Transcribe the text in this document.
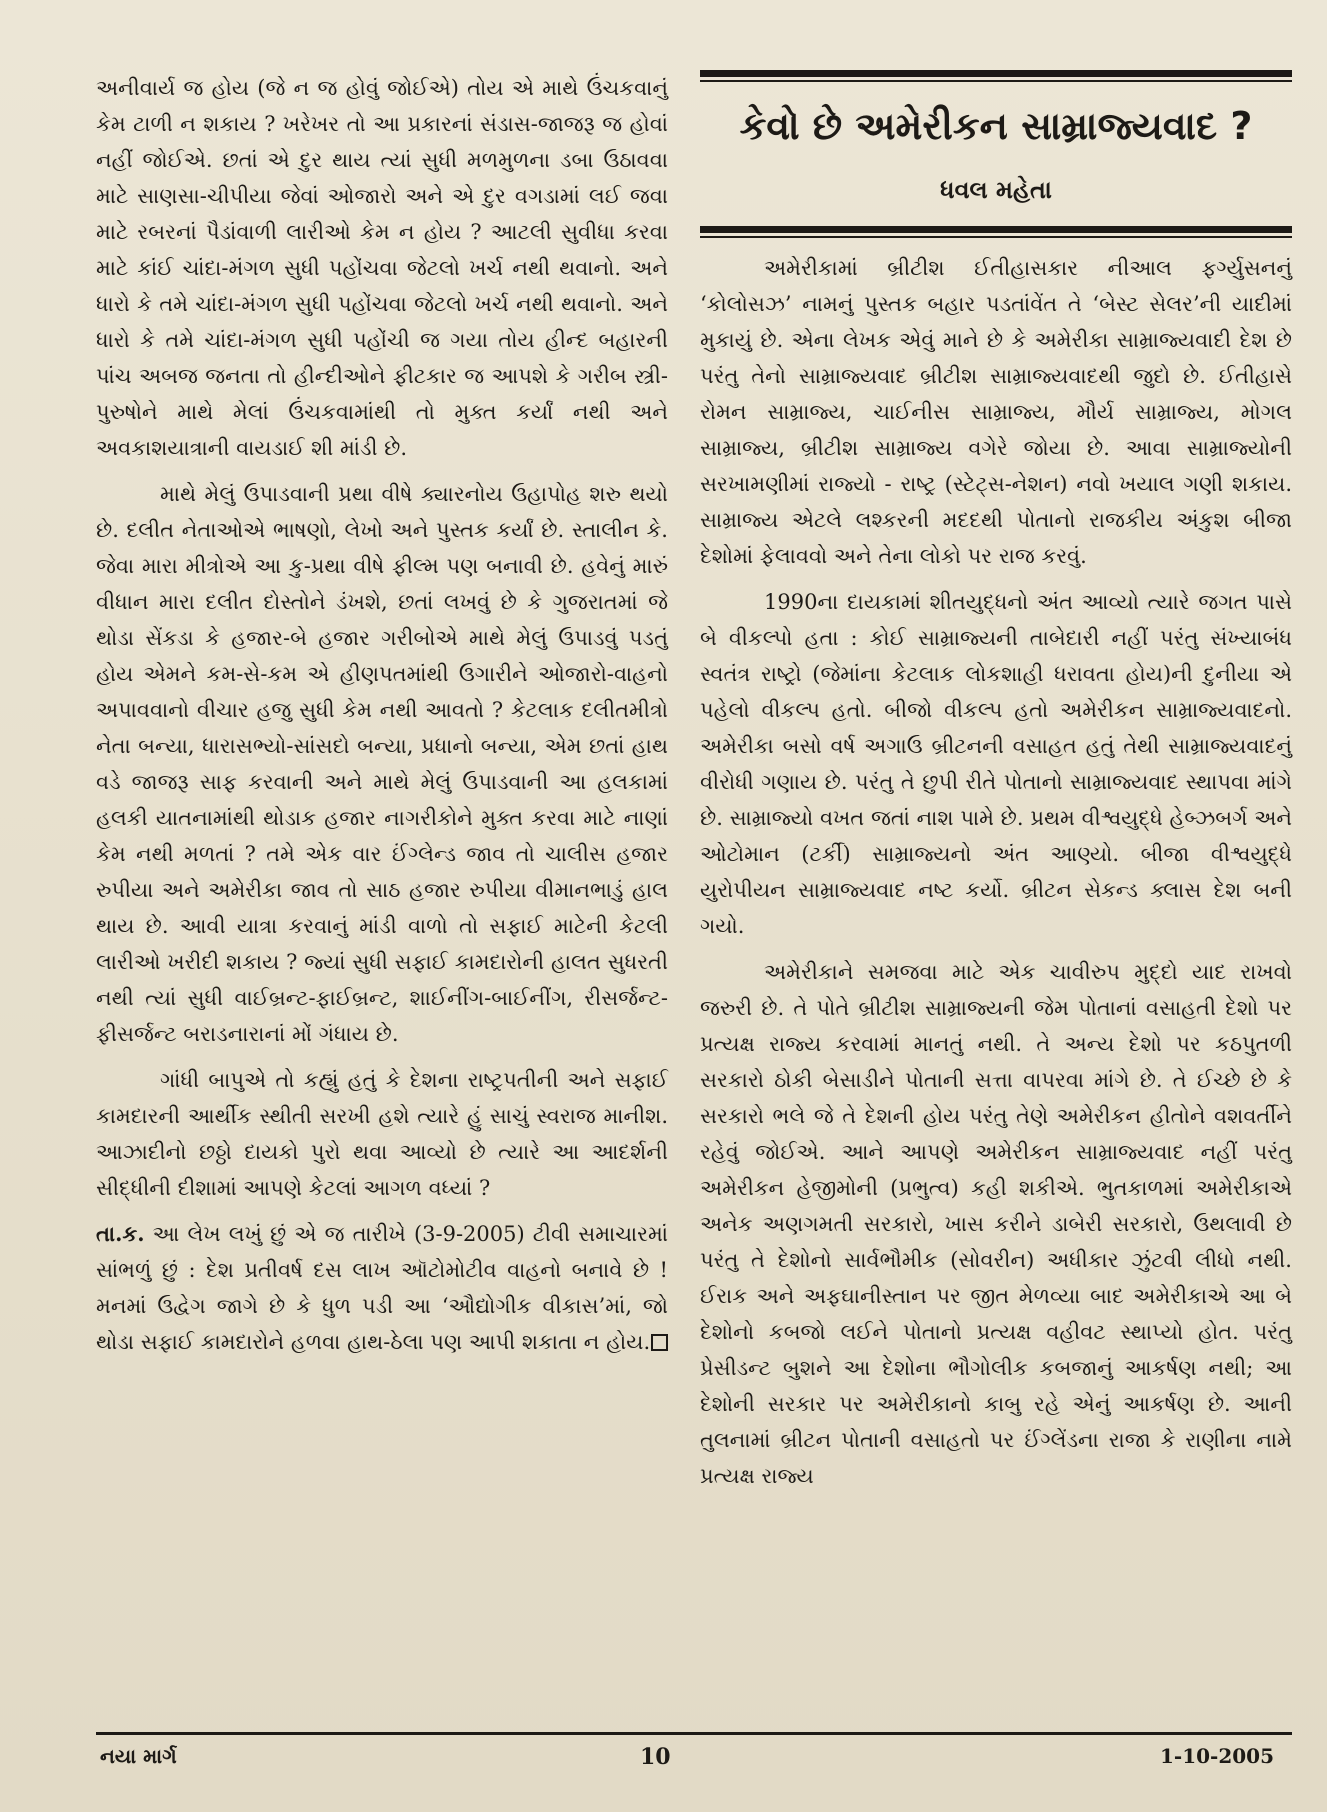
અનીવાર્ય જ હોય (જે ન જ હોવું જોઈએ) તોય એ માથે ઉંચકવાનું કેમ ટાળી ન શકાય ? ખરેખર તો આ પ્રકારનાં સંડાસ-જાજરૂ જ હોવાં નહીં જોઈએ. છતાં એ દુર થાય ત્યાં સુધી મળમુળના ડબા ઉઠાવવા માટે સાણસા-ચીપીયા જેવાં ઓજારો અને એ દુર વગડામાં લઈ જવા માટે રબરનાં પૈડાંવાળી લારીઓ કેમ ન હોય ? આટલી સુવીધા કરવા માટે કાંઈ ચાંદા-મંગળ સુધી પહોંચવા જેટલો ખર્ચ નથી થવાનો. અને ધારો કે તમે ચાંદા-મંગળ સુધી પહોંચવા જેટલો ખર્ચ નથી થવાનો. અને ધારો કે તમે ચાંદા-મંગળ સુધી પહોંચી જ ગયા તોય હીન્દ બહારની પાંચ અબજ જનતા તો હીન્દીઓને ફીટકાર જ આપશે કે ગરીબ સ્ત્રી-પુરુષોને માથે મેલાં ઉંચકવામાંથી તો મુક્ત કર્યાં નથી અને અવકાશયાત્રાની વાયડાઈ શી માંડી છે.

માથે મેલું ઉપાડવાની પ્રથા વીષે ક્યારનોય ઉહાપોહ શરુ થયો છે. દલીત નેતાઓએ ભાષણો, લેખો અને પુસ્તક કર્યાં છે. સ્તાલીન કે. જેવા મારા મીત્રોએ આ કુ-પ્રથા વીષે ફીલ્મ પણ બનાવી છે. હવેનું મારું વીધાન મારા દલીત દોસ્તોને ડંખશે, છતાં લખવું છે કે ગુજરાતમાં જે થોડા સેંકડા કે હજાર-બે હજાર ગરીબોએ માથે મેલું ઉપાડવું પડતું હોય એમને કમ-સે-કમ એ હીણપતમાંથી ઉગારીને ઓજારો-વાહનો અપાવવાનો વીચાર હજુ સુધી કેમ નથી આવતો ? કેટલાક દલીતમીત્રો નેતા બન્યા, ધારાસભ્યો-સાંસદો બન્યા, પ્રધાનો બન્યા, એમ છતાં હાથ વડે જાજરૂ સાફ કરવાની અને માથે મેલું ઉપાડવાની આ હલકામાં હલકી યાતનામાંથી થોડાક હજાર નાગરીકોને મુક્ત કરવા માટે નાણાં કેમ નથી મળતાં ? તમે એક વાર ઈંગ્લેન્ડ જાવ તો ચાલીસ હજાર રુપીયા અને અમેરીકા જાવ તો સાઠ હજાર રુપીયા વીમાનભાડું હાલ થાય છે. આવી યાત્રા કરવાનું માંડી વાળો તો સફાઈ માટેની કેટલી લારીઓ ખરીદી શકાય ? જ્યાં સુધી સફાઈ કામદારોની હાલત સુધરતી નથી ત્યાં સુધી વાઈબ્રન્ટ-ફાઈબ્રન્ટ, શાઈનીંગ-બાઈનીંગ, રીસર્જન્ટ-ફીસર્જન્ટ બરાડનારાનાં મોં ગંધાય છે.

ગાંધી બાપુએ તો કહ્યું હતું કે દેશના રાષ્ટ્રપતીની અને સફાઈ કામદારની આર્થીક સ્થીતી સરખી હશે ત્યારે હું સાચું સ્વરાજ માનીશ. આઝાદીનો છઠ્ઠો દાયકો પુરો થવા આવ્યો છે ત્યારે આ આદર્શની સીદ્ધીની દીશામાં આપણે કેટલાં આગળ વધ્યાં ?

તા.ક. આ લેખ લખું છું એ જ તારીખે (3-9-2005) ટીવી સમાચારમાં સાંભળું છું : દેશ પ્રતીવર્ષ દસ લાખ ઑટોમોટીવ વાહનો બનાવે છે ! મનમાં ઉદ્વેગ જાગે છે કે ધુળ પડી આ ‘ઔદ્યોગીક વીકાસ’માં, જો થોડા સફાઈ કામદારોને હળવા હાથ-ઠેલા પણ આપી શકાતા ન હોય.

કેવો છે અમેરીકન સામ્રાજ્યવાદ ?
ધવલ મહેતા

અમેરીકામાં બ્રીટીશ ઈતીહાસકાર નીઆલ ફર્ગ્યુસનનું ‘કોલોસઝ’ નામનું પુસ્તક બહાર પડતાંવેંત તે ‘બેસ્ટ સેલર’ની યાદીમાં મુકાયું છે. એના લેખક એવું માને છે કે અમેરીકા સામ્રાજ્યવાદી દેશ છે પરંતુ તેનો સામ્રાજ્યવાદ બ્રીટીશ સામ્રાજ્યવાદથી જુદો છે. ઈતીહાસે રોમન સામ્રાજ્ય, ચાઈનીસ સામ્રાજ્ય, મૌર્ય સામ્રાજ્ય, મોગલ સામ્રાજ્ય, બ્રીટીશ સામ્રાજ્ય વગેરે જોયા છે. આવા સામ્રાજ્યોની સરખામણીમાં રાજ્યો - રાષ્ટ્ર (સ્ટેટ્સ-નેશન) નવો ખયાલ ગણી શકાય. સામ્રાજ્ય એટલે લશ્કરની મદદથી પોતાનો રાજકીય અંકુશ બીજા દેશોમાં ફેલાવવો અને તેના લોકો પર રાજ કરવું.

1990ના દાયકામાં શીતયુદ્ધનો અંત આવ્યો ત્યારે જગત પાસે બે વીકલ્પો હતા : કોઈ સામ્રાજ્યની તાબેદારી નહીં પરંતુ સંખ્યાબંધ સ્વતંત્ર રાષ્ટ્રો (જેમાંના કેટલાક લોકશાહી ધરાવતા હોય)ની દુનીયા એ પહેલો વીકલ્પ હતો. બીજો વીકલ્પ હતો અમેરીકન સામ્રાજ્યવાદનો. અમેરીકા બસો વર્ષ અગાઉ બ્રીટનની વસાહત હતું તેથી સામ્રાજ્યવાદનું વીરોધી ગણાય છે. પરંતુ તે છુપી રીતે પોતાનો સામ્રાજ્યવાદ સ્થાપવા માંગે છે. સામ્રાજ્યો વખત જતાં નાશ પામે છે. પ્રથમ વીશ્વયુદ્ધે હેબ્ઝબર્ગ અને ઓટોમાન (ટર્કી) સામ્રાજ્યનો અંત આણ્યો. બીજા વીશ્વયુદ્ધે યુરોપીયન સામ્રાજ્યવાદ નષ્ટ કર્યો. બ્રીટન સેકન્ડ ક્લાસ દેશ બની ગયો.

અમેરીકાને સમજવા માટે એક ચાવીરુપ મુદ્દો યાદ રાખવો જરુરી છે. તે પોતે બ્રીટીશ સામ્રાજ્યની જેમ પોતાનાં વસાહતી દેશો પર પ્રત્યક્ષ રાજ્ય કરવામાં માનતું નથી. તે અન્ય દેશો પર કઠપુતળી સરકારો ઠોકી બેસાડીને પોતાની સત્તા વાપરવા માંગે છે. તે ઈચ્છે છે કે સરકારો ભલે જે તે દેશની હોય પરંતુ તેણે અમેરીકન હીતોને વશવર્તીને રહેવું જોઈએ. આને આપણે અમેરીકન સામ્રાજ્યવાદ નહીં પરંતુ અમેરીકન હેજીમોની (પ્રભુત્વ) કહી શકીએ. ભુતકાળમાં અમેરીકાએ અનેક અણગમતી સરકારો, ખાસ કરીને ડાબેરી સરકારો, ઉથલાવી છે પરંતુ તે દેશોનો સાર્વભૌમીક (સોવરીન) અધીકાર ઝુંટવી લીધો નથી. ઈરાક અને અફઘાનીસ્તાન પર જીત મેળવ્યા બાદ અમેરીકાએ આ બે દેશોનો કબજો લઈને પોતાનો પ્રત્યક્ષ વહીવટ સ્થાપ્યો હોત. પરંતુ પ્રેસીડન્ટ બુશને આ દેશોના ભૌગોલીક કબજાનું આકર્ષણ નથી; આ દેશોની સરકાર પર અમેરીકાનો કાબુ રહે એનું આકર્ષણ છે. આની તુલનામાં બ્રીટન પોતાની વસાહતો પર ઈંગ્લેંડના રાજા કે રાણીના નામે પ્રત્યક્ષ રાજ્ય

નયા માર્ગ	10	1-10-2005
